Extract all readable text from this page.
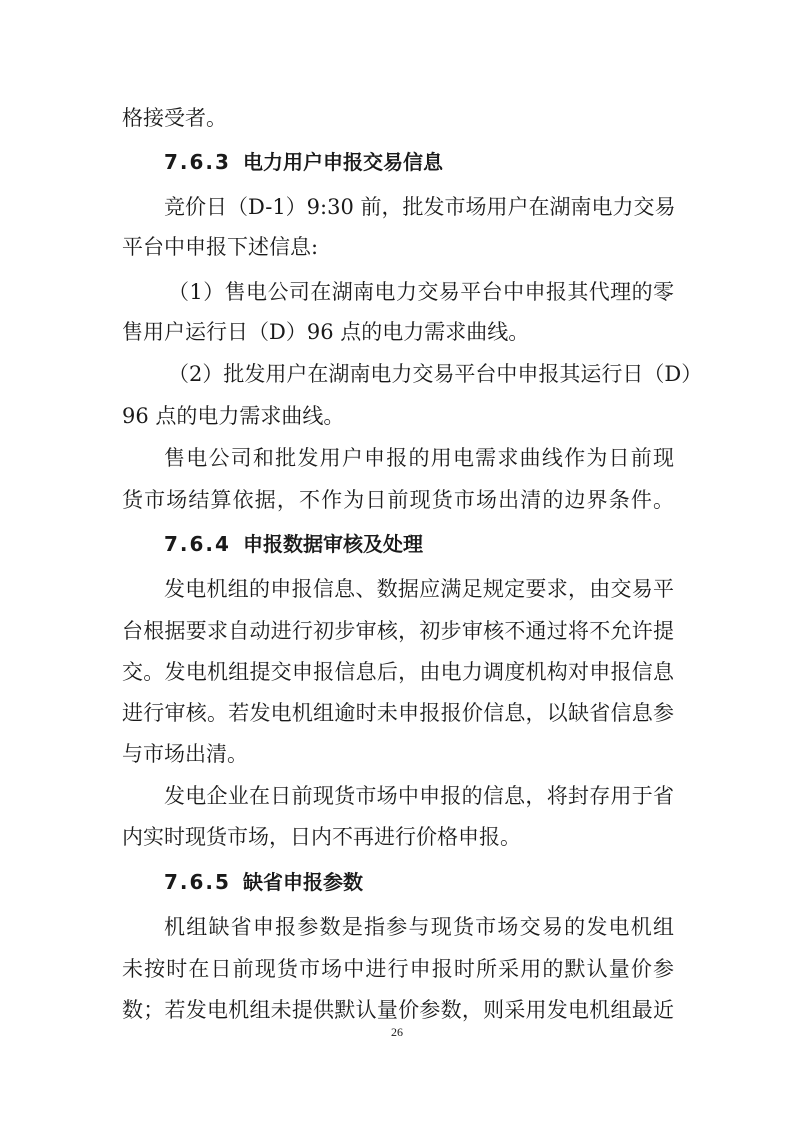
格接受者。
7.6.3 电力用户申报交易信息
竞价日（D-1）9:30 前，批发市场用户在湖南电力交易
平台中申报下述信息:
（1）售电公司在湖南电力交易平台中申报其代理的零
售用户运行日（D）96 点的电力需求曲线。
（2）批发用户在湖南电力交易平台中申报其运行日（D）
96 点的电力需求曲线。
售电公司和批发用户申报的用电需求曲线作为日前现
货市场结算依据，不作为日前现货市场出清的边界条件。
7.6.4 申报数据审核及处理
发电机组的申报信息、数据应满足规定要求，由交易平
台根据要求自动进行初步审核，初步审核不通过将不允许提
交。发电机组提交申报信息后，由电力调度机构对申报信息
进行审核。若发电机组逾时未申报报价信息，以缺省信息参
与市场出清。
发电企业在日前现货市场中申报的信息，将封存用于省
内实时现货市场，日内不再进行价格申报。
7.6.5 缺省申报参数
机组缺省申报参数是指参与现货市场交易的发电机组
未按时在日前现货市场中进行申报时所采用的默认量价参
数；若发电机组未提供默认量价参数，则采用发电机组最近
26
